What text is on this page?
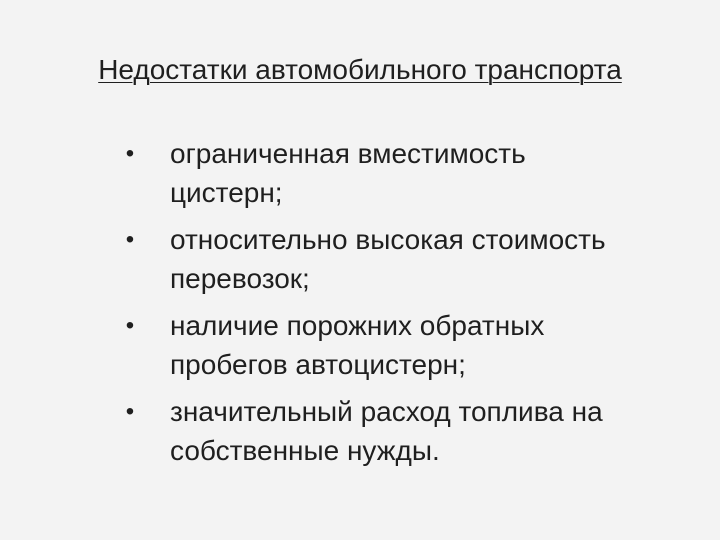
Недостатки автомобильного транспорта
• ограниченная вместимость
цистерн;
• относительно высокая стоимость
перевозок;
• наличие порожних обратных
пробегов автоцистерн;
• значительный расход топлива на
собственные нужды.
